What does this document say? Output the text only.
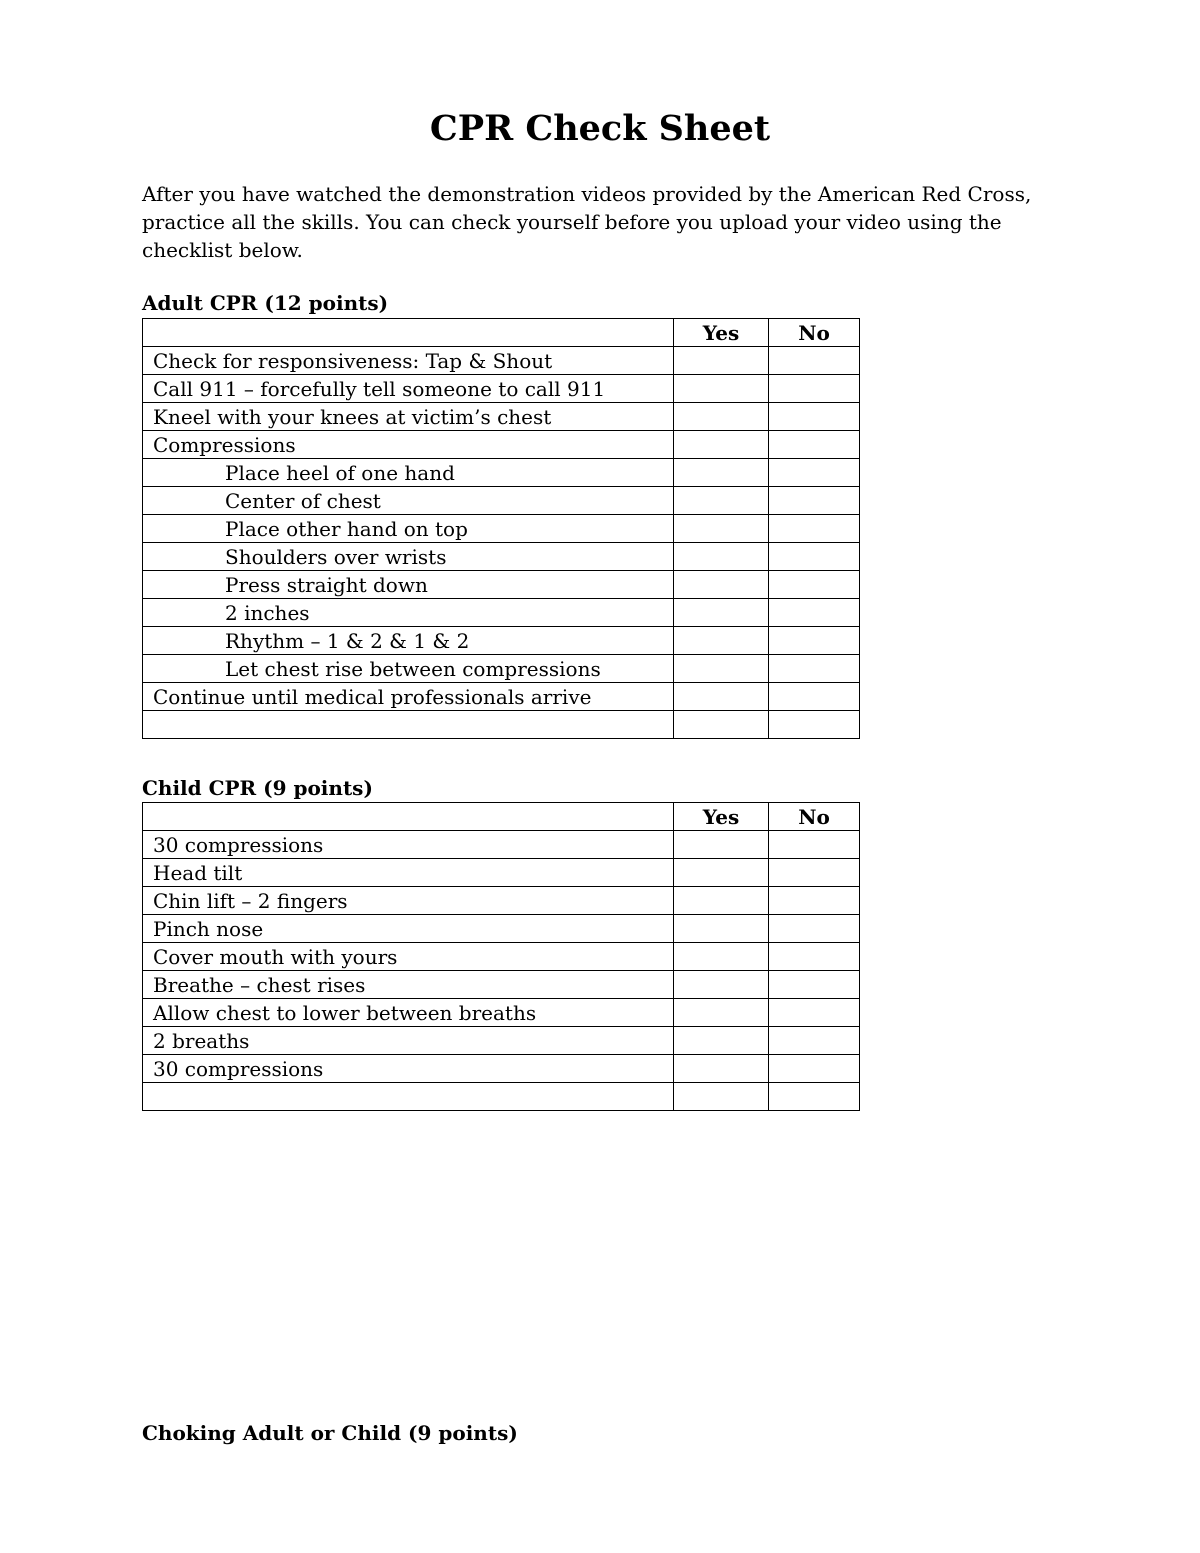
CPR Check Sheet

After you have watched the demonstration videos provided by the American Red Cross,
practice all the skills. You can check yourself before you upload your video using the
checklist below.

Adult CPR (12 points)
	Yes	No
Check for responsiveness: Tap & Shout		
Call 911 – forcefully tell someone to call 911		
Kneel with your knees at victim’s chest		
Compressions		
Place heel of one hand		
Center of chest		
Place other hand on top		
Shoulders over wrists		
Press straight down		
2 inches		
Rhythm – 1 & 2 & 1 & 2		
Let chest rise between compressions		
Continue until medical professionals arrive		

Child CPR (9 points)
	Yes	No
30 compressions		
Head tilt		
Chin lift – 2 fingers		
Pinch nose		
Cover mouth with yours		
Breathe – chest rises		
Allow chest to lower between breaths		
2 breaths		
30 compressions		

Choking Adult or Child (9 points)
